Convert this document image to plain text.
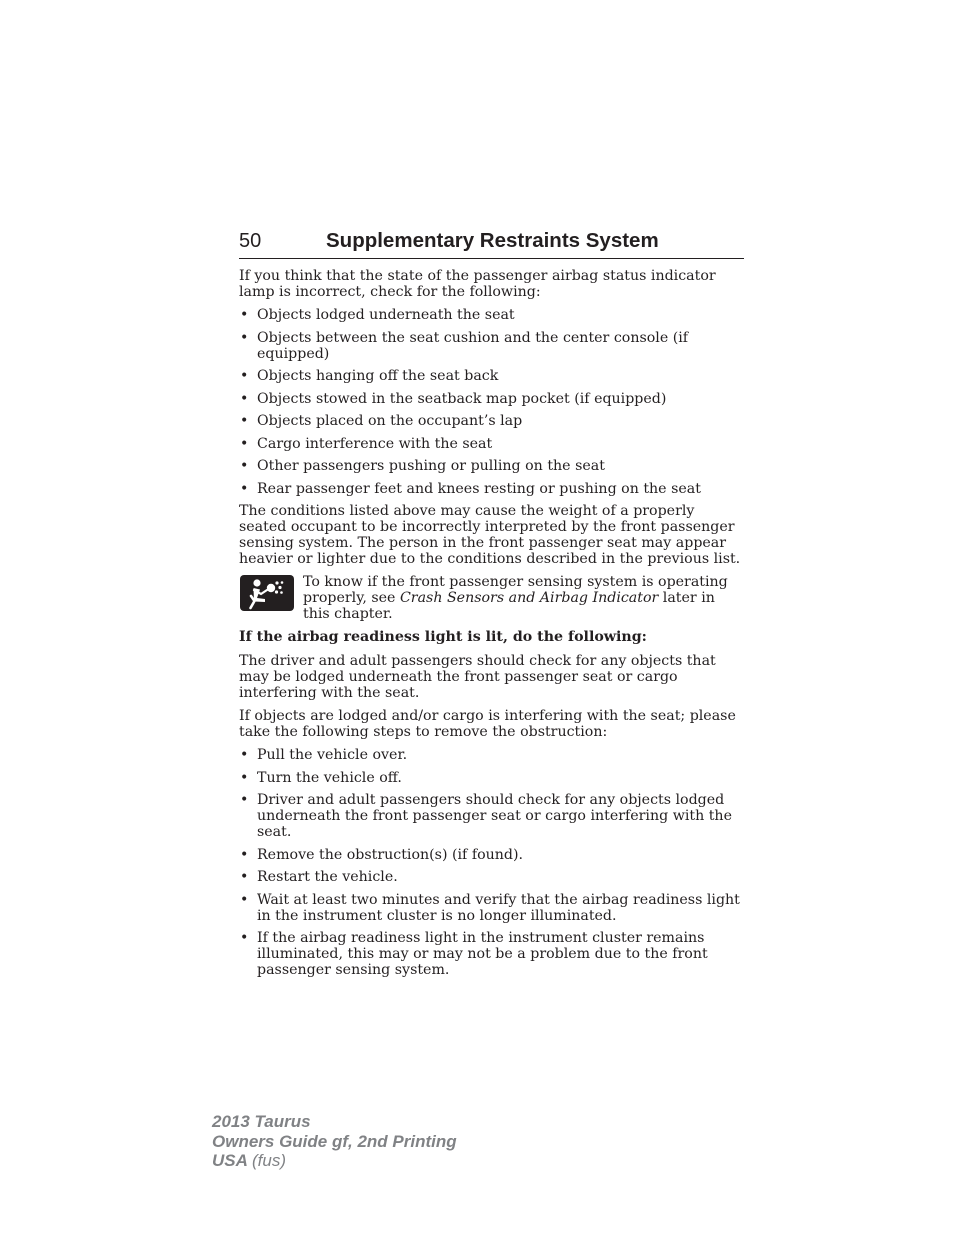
50	Supplementary Restraints System

If you think that the state of the passenger airbag status indicator lamp is incorrect, check for the following:

• Objects lodged underneath the seat
• Objects between the seat cushion and the center console (if equipped)
• Objects hanging off the seat back
• Objects stowed in the seatback map pocket (if equipped)
• Objects placed on the occupant’s lap
• Cargo interference with the seat
• Other passengers pushing or pulling on the seat
• Rear passenger feet and knees resting or pushing on the seat

The conditions listed above may cause the weight of a properly seated occupant to be incorrectly interpreted by the front passenger sensing system. The person in the front passenger seat may appear heavier or lighter due to the conditions described in the previous list.

To know if the front passenger sensing system is operating properly, see Crash Sensors and Airbag Indicator later in this chapter.

If the airbag readiness light is lit, do the following:

The driver and adult passengers should check for any objects that may be lodged underneath the front passenger seat or cargo interfering with the seat.

If objects are lodged and/or cargo is interfering with the seat; please take the following steps to remove the obstruction:

• Pull the vehicle over.
• Turn the vehicle off.
• Driver and adult passengers should check for any objects lodged underneath the front passenger seat or cargo interfering with the seat.
• Remove the obstruction(s) (if found).
• Restart the vehicle.
• Wait at least two minutes and verify that the airbag readiness light in the instrument cluster is no longer illuminated.
• If the airbag readiness light in the instrument cluster remains illuminated, this may or may not be a problem due to the front passenger sensing system.
2013 Taurus
Owners Guide gf, 2nd Printing
USA (fus)
